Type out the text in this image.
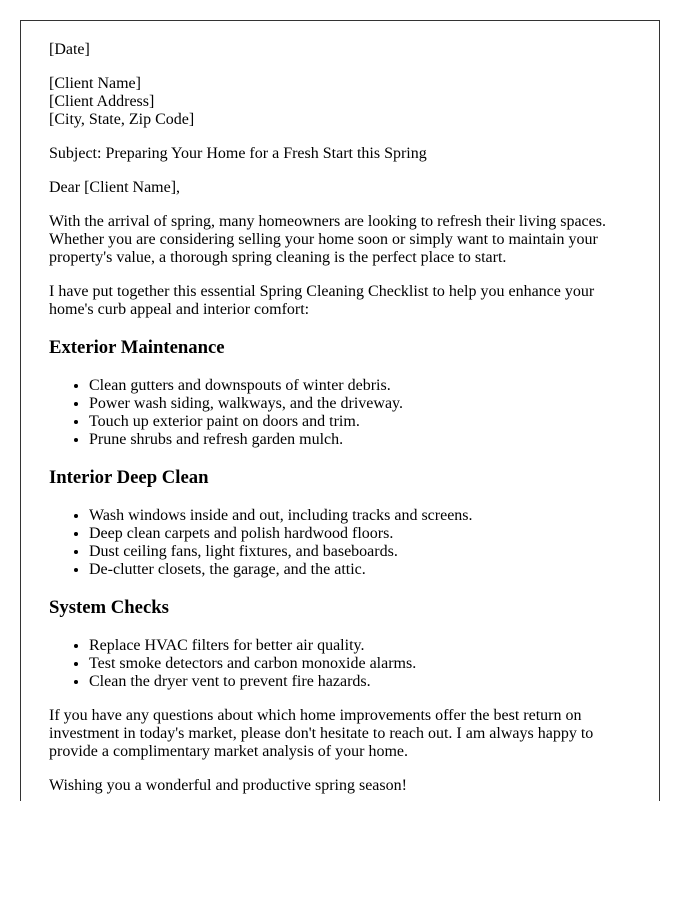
[Date]

[Client Name]
[Client Address]
[City, State, Zip Code]

Subject: Preparing Your Home for a Fresh Start this Spring

Dear [Client Name],

With the arrival of spring, many homeowners are looking to refresh their living spaces. Whether you are considering selling your home soon or simply want to maintain your property's value, a thorough spring cleaning is the perfect place to start.

I have put together this essential Spring Cleaning Checklist to help you enhance your home's curb appeal and interior comfort:

Exterior Maintenance
• Clean gutters and downspouts of winter debris.
• Power wash siding, walkways, and the driveway.
• Touch up exterior paint on doors and trim.
• Prune shrubs and refresh garden mulch.
Interior Deep Clean
• Wash windows inside and out, including tracks and screens.
• Deep clean carpets and polish hardwood floors.
• Dust ceiling fans, light fixtures, and baseboards.
• De-clutter closets, the garage, and the attic.
System Checks
• Replace HVAC filters for better air quality.
• Test smoke detectors and carbon monoxide alarms.
• Clean the dryer vent to prevent fire hazards.

If you have any questions about which home improvements offer the best return on investment in today's market, please don't hesitate to reach out. I am always happy to provide a complimentary market analysis of your home.

Wishing you a wonderful and productive spring season!
